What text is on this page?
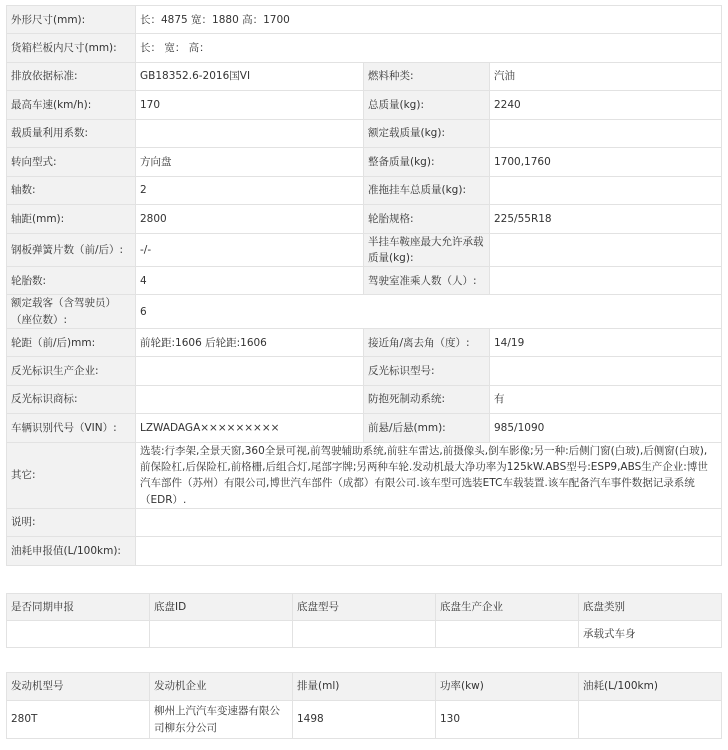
外形尺寸(mm):	长：4875 宽：1880 高：1700		
货箱栏板内尺寸(mm):	长： 宽： 高：		
排放依据标准:	GB18352.6-2016国VI	燃料种类:	汽油
最高车速(km/h):	170	总质量(kg):	2240
载质量利用系数:		额定载质量(kg):	
转向型式:	方向盘	整备质量(kg):	1700,1760
轴数:	2	准拖挂车总质量(kg):	
轴距(mm):	2800	轮胎规格:	225/55R18
钢板弹簧片数（前/后）:	-/-	半挂车鞍座最大允许承载质量(kg):	
轮胎数:	4	驾驶室准乘人数（人）:	
额定载客（含驾驶员）（座位数）:	6		
轮距（前/后)mm:	前轮距:1606 后轮距:1606	接近角/离去角（度）:	14/19
反光标识生产企业:		反光标识型号:	
反光标识商标:		防抱死制动系统:	有
车辆识别代号（VIN）:	LZWADAGA×××××××××	前悬/后悬(mm):	985/1090
其它:	选装:行李架,全景天窗,360全景可视,前驾驶辅助系统,前驻车雷达,前摄像头,倒车影像;另一种:后侧门窗(白玻),后侧窗(白玻),前保险杠,后保险杠,前格栅,后组合灯,尾部字牌;另两种车轮.发动机最大净功率为125kW.ABS型号:ESP9,ABS生产企业:博世汽车部件（苏州）有限公司,博世汽车部件（成都）有限公司.该车型可选装ETC车载装置.该车配备汽车事件数据记录系统（EDR）.		
说明:			
油耗申报值(L/100km):			
是否同期申报	底盘ID	底盘型号	底盘生产企业	底盘类别
				承载式车身
发动机型号	发动机企业	排量(ml)	功率(kw)	油耗(L/100km)
280T	柳州上汽汽车变速器有限公司柳东分公司	1498	130	
